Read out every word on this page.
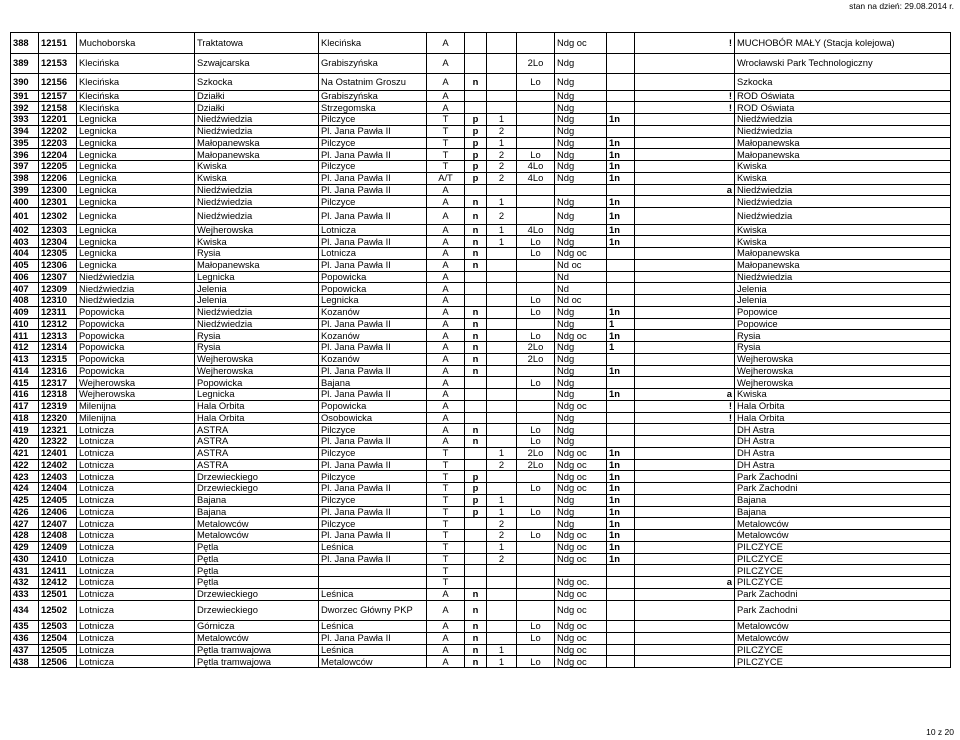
stan na dzień: 29.08.2014 r.
388	12151	Muchoborska	Traktatowa	Klecińska	A				Ndg oc		!	MUCHOBÓR MAŁY (Stacja kolejowa)
389	12153	Klecińska	Szwajcarska	Grabiszyńska	A			2Lo	Ndg			Wrocławski Park Technologiczny
390	12156	Klecińska	Szkocka	Na Ostatnim Groszu	A	n		Lo	Ndg			Szkocka
391	12157	Klecińska	Działki	Grabiszyńska	A				Ndg		!	ROD Oświata
392	12158	Klecińska	Działki	Strzegomska	A				Ndg		!	ROD Oświata
393	12201	Legnicka	Niedźwiedzia	Pilczyce	T	p	1		Ndg	1n		Niedźwiedzia
394	12202	Legnicka	Niedźwiedzia	Pl. Jana Pawła II	T	p	2		Ndg			Niedźwiedzia
395	12203	Legnicka	Małopanewska	Pilczyce	T	p	1		Ndg	1n		Małopanewska
396	12204	Legnicka	Małopanewska	Pl. Jana Pawła II	T	p	2	Lo	Ndg	1n		Małopanewska
397	12205	Legnicka	Kwiska	Pilczyce	T	p	2	4Lo	Ndg	1n		Kwiska
398	12206	Legnicka	Kwiska	Pl. Jana Pawła II	A/T	p	2	4Lo	Ndg	1n		Kwiska
399	12300	Legnicka	Niedźwiedzia	Pl. Jana Pawła II	A						a	Niedźwiedzia
400	12301	Legnicka	Niedźwiedzia	Pilczyce	A	n	1		Ndg	1n		Niedźwiedzia
401	12302	Legnicka	Niedźwiedzia	Pl. Jana Pawła II	A	n	2		Ndg	1n		Niedźwiedzia
402	12303	Legnicka	Wejherowska	Lotnicza	A	n	1	4Lo	Ndg	1n		Kwiska
403	12304	Legnicka	Kwiska	Pl. Jana Pawła II	A	n	1	Lo	Ndg	1n		Kwiska
404	12305	Legnicka	Rysia	Lotnicza	A	n		Lo	Ndg oc			Małopanewska
405	12306	Legnicka	Małopanewska	Pl. Jana Pawła II	A	n			Nd oc			Małopanewska
406	12307	Niedźwiedzia	Legnicka	Popowicka	A				Nd			Niedźwiedzia
407	12309	Niedźwiedzia	Jelenia	Popowicka	A				Nd			Jelenia
408	12310	Niedźwiedzia	Jelenia	Legnicka	A			Lo	Nd oc			Jelenia
409	12311	Popowicka	Niedźwiedzia	Kozanów	A	n		Lo	Ndg	1n		Popowice
410	12312	Popowicka	Niedźwiedzia	Pl. Jana Pawła II	A	n			Ndg	1		Popowice
411	12313	Popowicka	Rysia	Kozanów	A	n		Lo	Ndg oc	1n		Rysia
412	12314	Popowicka	Rysia	Pl. Jana Pawła II	A	n		2Lo	Ndg	1		Rysia
413	12315	Popowicka	Wejherowska	Kozanów	A	n		2Lo	Ndg			Wejherowska
414	12316	Popowicka	Wejherowska	Pl. Jana Pawła II	A	n			Ndg	1n		Wejherowska
415	12317	Wejherowska	Popowicka	Bajana	A			Lo	Ndg			Wejherowska
416	12318	Wejherowska	Legnicka	Pl. Jana Pawła II	A				Ndg	1n	a	Kwiska
417	12319	Milenijna	Hala Orbita	Popowicka	A				Ndg oc		!	Hala Orbita
418	12320	Milenijna	Hala Orbita	Osobowicka	A				Ndg		!	Hala Orbita
419	12321	Lotnicza	ASTRA	Pilczyce	A	n		Lo	Ndg			DH Astra
420	12322	Lotnicza	ASTRA	Pl. Jana Pawła II	A	n		Lo	Ndg			DH Astra
421	12401	Lotnicza	ASTRA	Pilczyce	T		1	2Lo	Ndg oc	1n		DH Astra
422	12402	Lotnicza	ASTRA	Pl. Jana Pawła II	T		2	2Lo	Ndg oc	1n		DH Astra
423	12403	Lotnicza	Drzewieckiego	Pilczyce	T	p			Ndg oc	1n		Park Zachodni
424	12404	Lotnicza	Drzewieckiego	Pl. Jana Pawła II	T	p		Lo	Ndg oc	1n		Park Zachodni
425	12405	Lotnicza	Bajana	Pilczyce	T	p	1		Ndg	1n		Bajana
426	12406	Lotnicza	Bajana	Pl. Jana Pawła II	T	p	1	Lo	Ndg	1n		Bajana
427	12407	Lotnicza	Metalowców	Pilczyce	T		2		Ndg	1n		Metalowców
428	12408	Lotnicza	Metalowców	Pl. Jana Pawła II	T		2	Lo	Ndg oc	1n		Metalowców
429	12409	Lotnicza	Pętla	Leśnica	T		1		Ndg oc	1n		PILCZYCE
430	12410	Lotnicza	Pętla	Pl. Jana Pawła II	T		2		Ndg oc	1n		PILCZYCE
431	12411	Lotnicza	Pętla		T							PILCZYCE
432	12412	Lotnicza	Pętla		T				Ndg oc.		a	PILCZYCE
433	12501	Lotnicza	Drzewieckiego	Leśnica	A	n			Ndg oc			Park Zachodni
434	12502	Lotnicza	Drzewieckiego	Dworzec Główny PKP	A	n			Ndg oc			Park Zachodni
435	12503	Lotnicza	Górnicza	Leśnica	A	n		Lo	Ndg oc			Metalowców
436	12504	Lotnicza	Metalowców	Pl. Jana Pawła II	A	n		Lo	Ndg oc			Metalowców
437	12505	Lotnicza	Pętla tramwajowa	Leśnica	A	n	1		Ndg oc			PILCZYCE
438	12506	Lotnicza	Pętla tramwajowa	Metalowców	A	n	1	Lo	Ndg oc			PILCZYCE
10 z 20
